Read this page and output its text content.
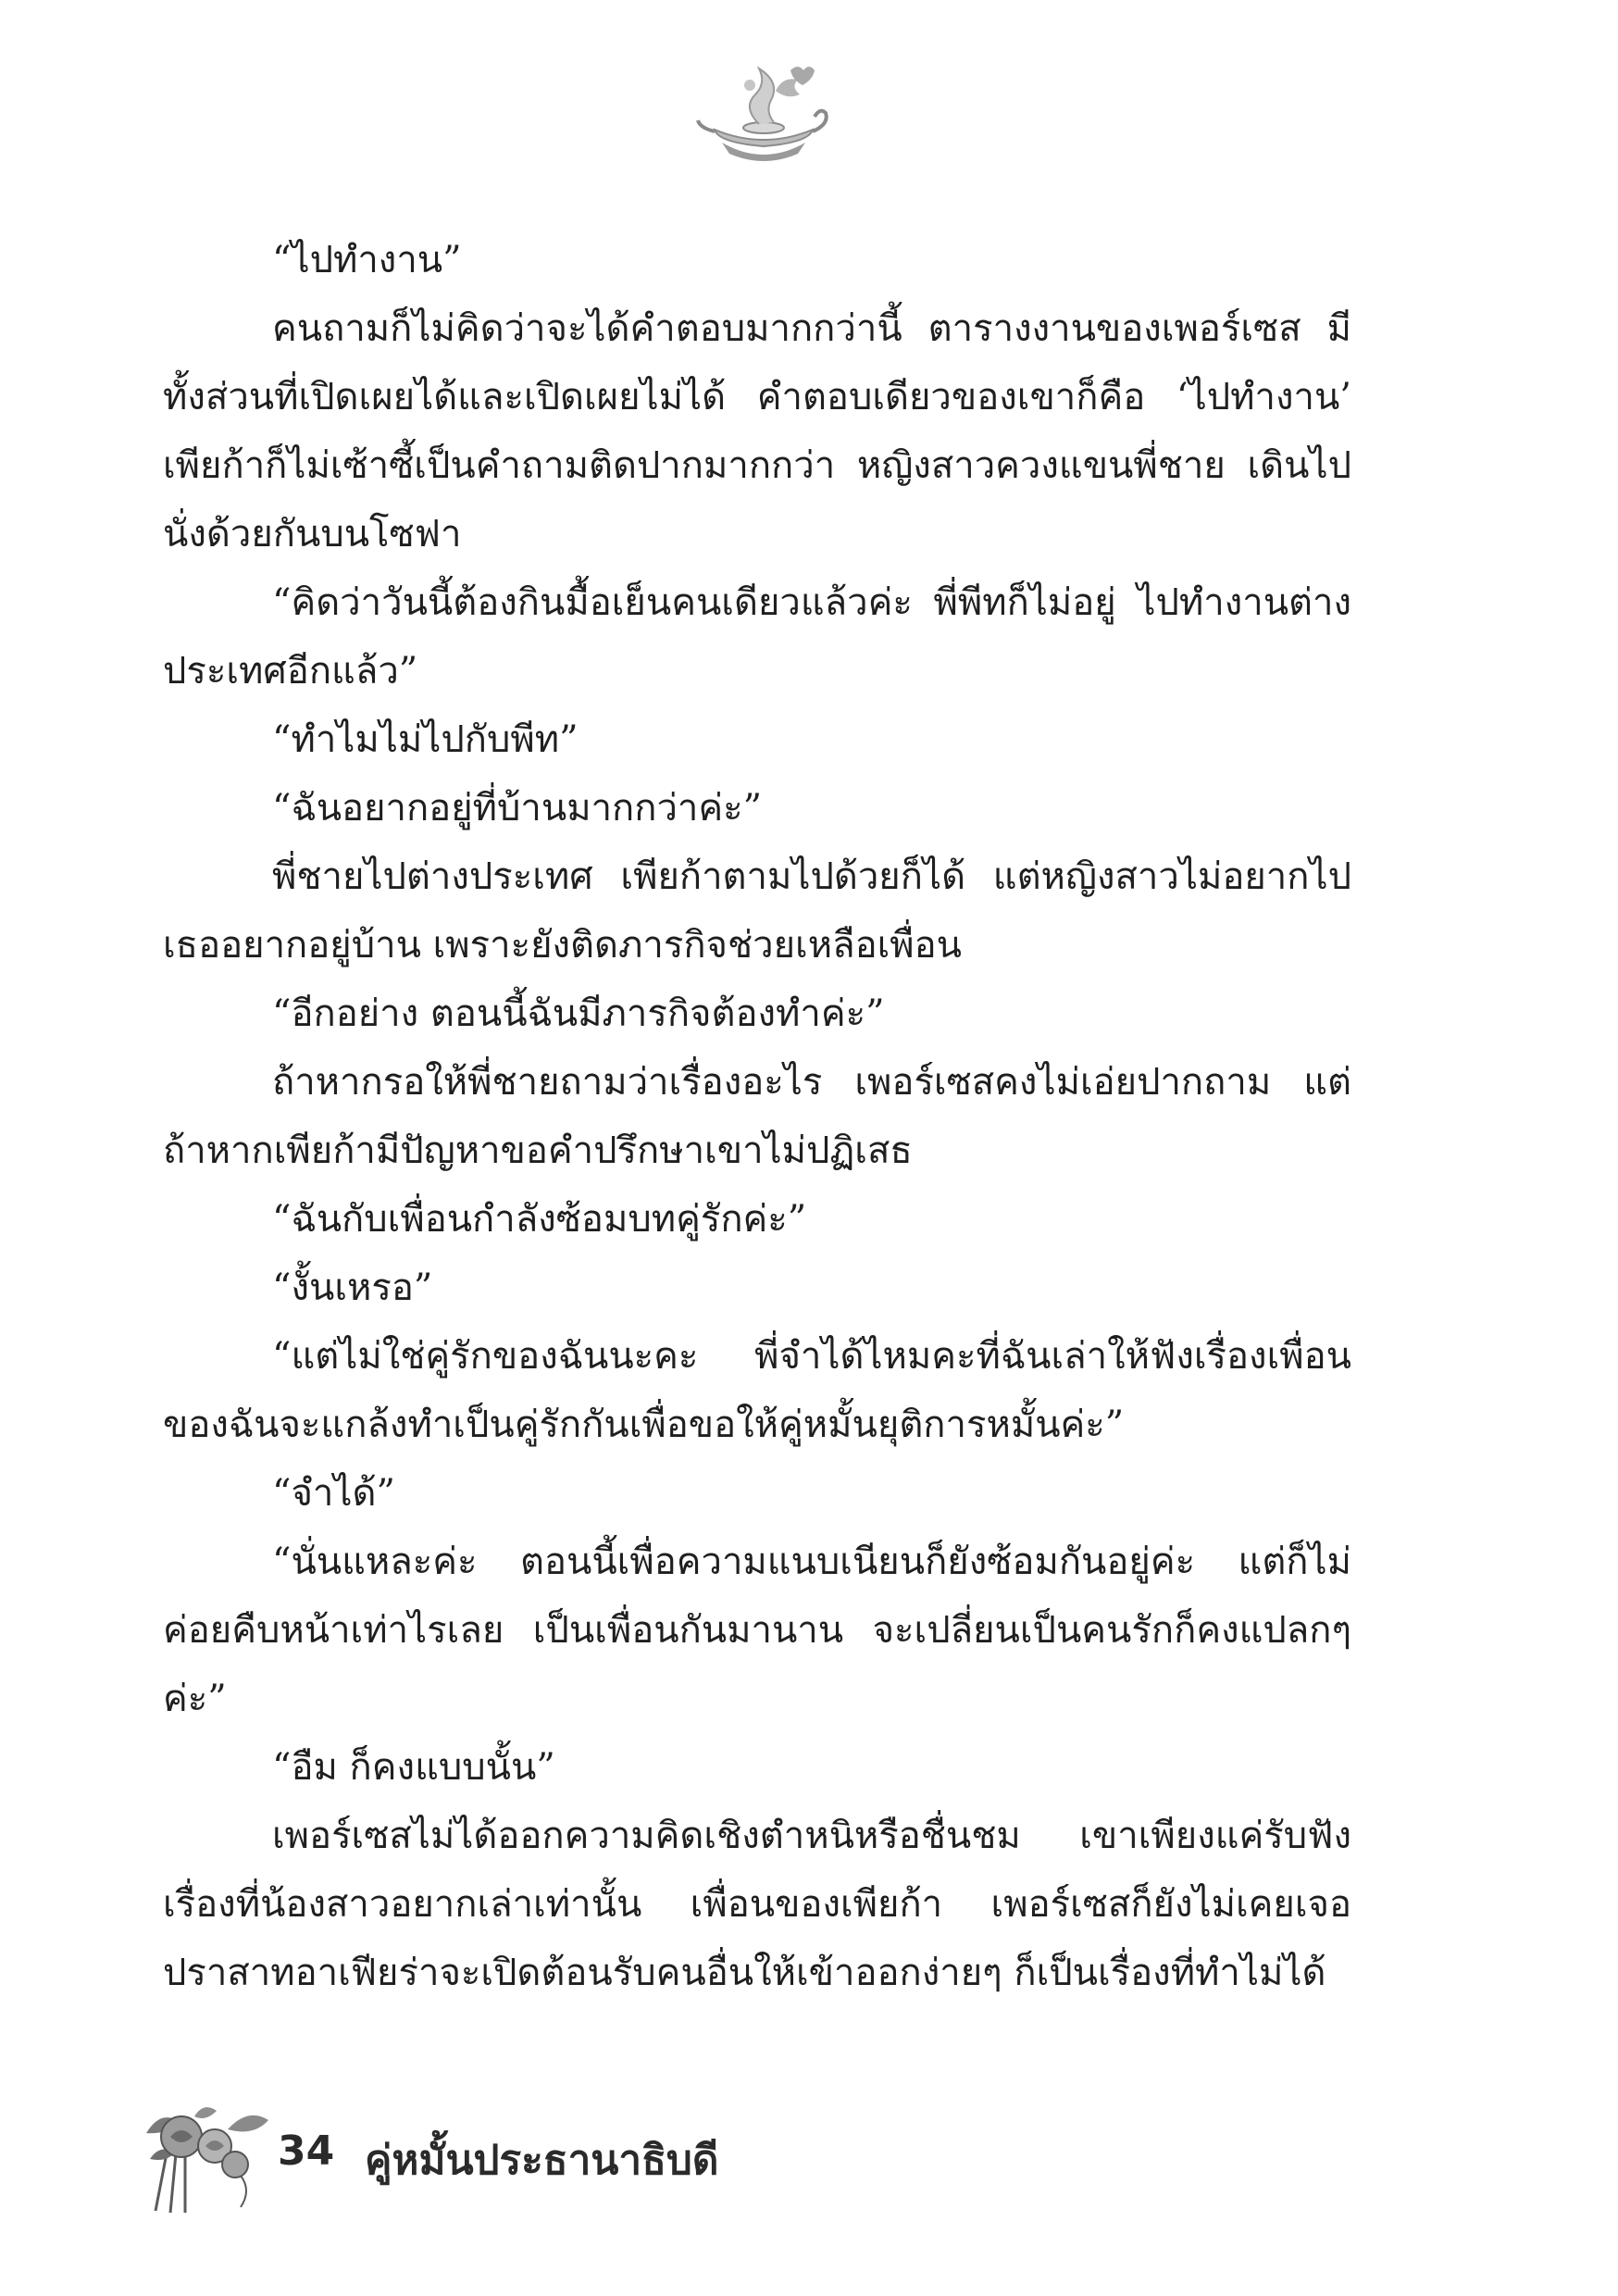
“ไปทำงาน”

คนถามก็ไม่คิดว่าจะได้คำตอบมากกว่านี้ ตารางงานของเพอร์เซส มีทั้งส่วนที่เปิดเผยได้และเปิดเผยไม่ได้ คำตอบเดียวของเขาก็คือ ‘ไปทำงาน’ เพียก้าก็ไม่เซ้าซี้เป็นคำถามติดปากมากกว่า หญิงสาวควงแขนพี่ชาย เดินไปนั่งด้วยกันบนโซฟา

“คิดว่าวันนี้ต้องกินมื้อเย็นคนเดียวแล้วค่ะ พี่พีทก็ไม่อยู่ ไปทำงานต่างประเทศอีกแล้ว”

“ทำไมไม่ไปกับพีท”

“ฉันอยากอยู่ที่บ้านมากกว่าค่ะ”

พี่ชายไปต่างประเทศ เพียก้าตามไปด้วยก็ได้ แต่หญิงสาวไม่อยากไปเธออยากอยู่บ้าน เพราะยังติดภารกิจช่วยเหลือเพื่อน

“อีกอย่าง ตอนนี้ฉันมีภารกิจต้องทำค่ะ”

ถ้าหากรอให้พี่ชายถามว่าเรื่องอะไร เพอร์เซสคงไม่เอ่ยปากถาม แต่ถ้าหากเพียก้ามีปัญหาขอคำปรึกษาเขาไม่ปฏิเสธ

“ฉันกับเพื่อนกำลังซ้อมบทคู่รักค่ะ”

“งั้นเหรอ”

“แต่ไม่ใช่คู่รักของฉันนะคะ พี่จำได้ไหมคะที่ฉันเล่าให้ฟังเรื่องเพื่อนของฉันจะแกล้งทำเป็นคู่รักกันเพื่อขอให้คู่หมั้นยุติการหมั้นค่ะ”

“จำได้”

“นั่นแหละค่ะ ตอนนี้เพื่อความแนบเนียนก็ยังซ้อมกันอยู่ค่ะ แต่ก็ไม่ค่อยคืบหน้าเท่าไรเลย เป็นเพื่อนกันมานาน จะเปลี่ยนเป็นคนรักก็คงแปลกๆ ค่ะ”

“อืม ก็คงแบบนั้น”

เพอร์เซสไม่ได้ออกความคิดเชิงตำหนิหรือชื่นชม เขาเพียงแค่รับฟังเรื่องที่น้องสาวอยากเล่าเท่านั้น เพื่อนของเพียก้า เพอร์เซสก็ยังไม่เคยเจอปราสาทอาเฟียร่าจะเปิดต้อนรับคนอื่นให้เข้าออกง่ายๆ ก็เป็นเรื่องที่ทำไม่ได้

34 คู่หมั้นประธานาธิบดี
